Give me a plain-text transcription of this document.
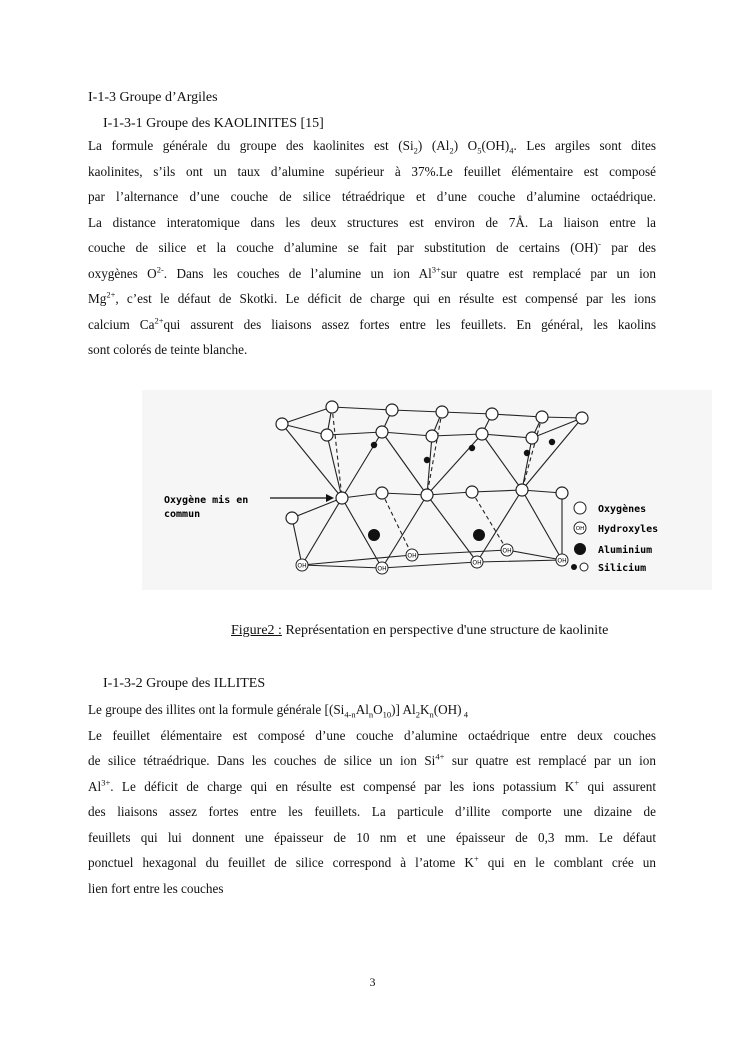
I-1-3 Groupe d’Argiles
I-1-3-1 Groupe des KAOLINITES [15]
La formule générale du groupe des kaolinites est $(Si_2)$ $(Al_2)$ $O_5(OH)_4$. Les argiles sont dites
kaolinites, s’ils ont un taux d’alumine supérieur à 37%.Le feuillet élémentaire est composé
par l’alternance d’une couche de silice tétraédrique et d’une couche d’alumine octaédrique.
La distance interatomique dans les deux structures est environ de 7Å. La liaison entre la
couche de silice et la couche d’alumine se fait par substitution de certains (OH)- par des
oxygènes $O^{2-}$. Dans les couches de l’alumine un ion $Al^{3+}sur$ quatre est remplacé par un ion
$Mg^{2+}$, c’est le défaut de Skotki. Le déficit de charge qui en résulte est compensé par les ions
calcium $Ca^{2+}qui$ assurent des liaisons assez fortes entre les feuillets. En général, les kaolins
sont colorés de teinte blanche.
OH	OH
OH	OH
OH
OH
Oxygène mis en
commun	Oxygènes
OH Hydroxyles
Aluminium
Silicium
Figure2 : Représentation en perspective d'une structure de kaolinite
I-1-3-2 Groupe des ILLITES
Le groupe des illites ont la formule générale $[(Si_{4-n}Al_nO_{10})]$ $Al_2K_n(OH)$ $_4$
Le feuillet élémentaire est composé d’une couche d’alumine octaédrique entre deux couches
de silice tétraédrique. Dans les couches de silice un ion $Si^{4+}$ sur quatre est remplacé par un ion
$Al^{3+}$. Le déficit de charge qui en résulte est compensé par les ions potassium K+ qui assurent
des liaisons assez fortes entre les feuillets. La particule d’illite comporte une dizaine de
feuillets qui lui donnent une épaisseur de 10 nm et une épaisseur de 0,3 mm. Le défaut
ponctuel hexagonal du feuillet de silice correspond à l’atome K+ qui en le comblant crée un
lien fort entre les couches
3
